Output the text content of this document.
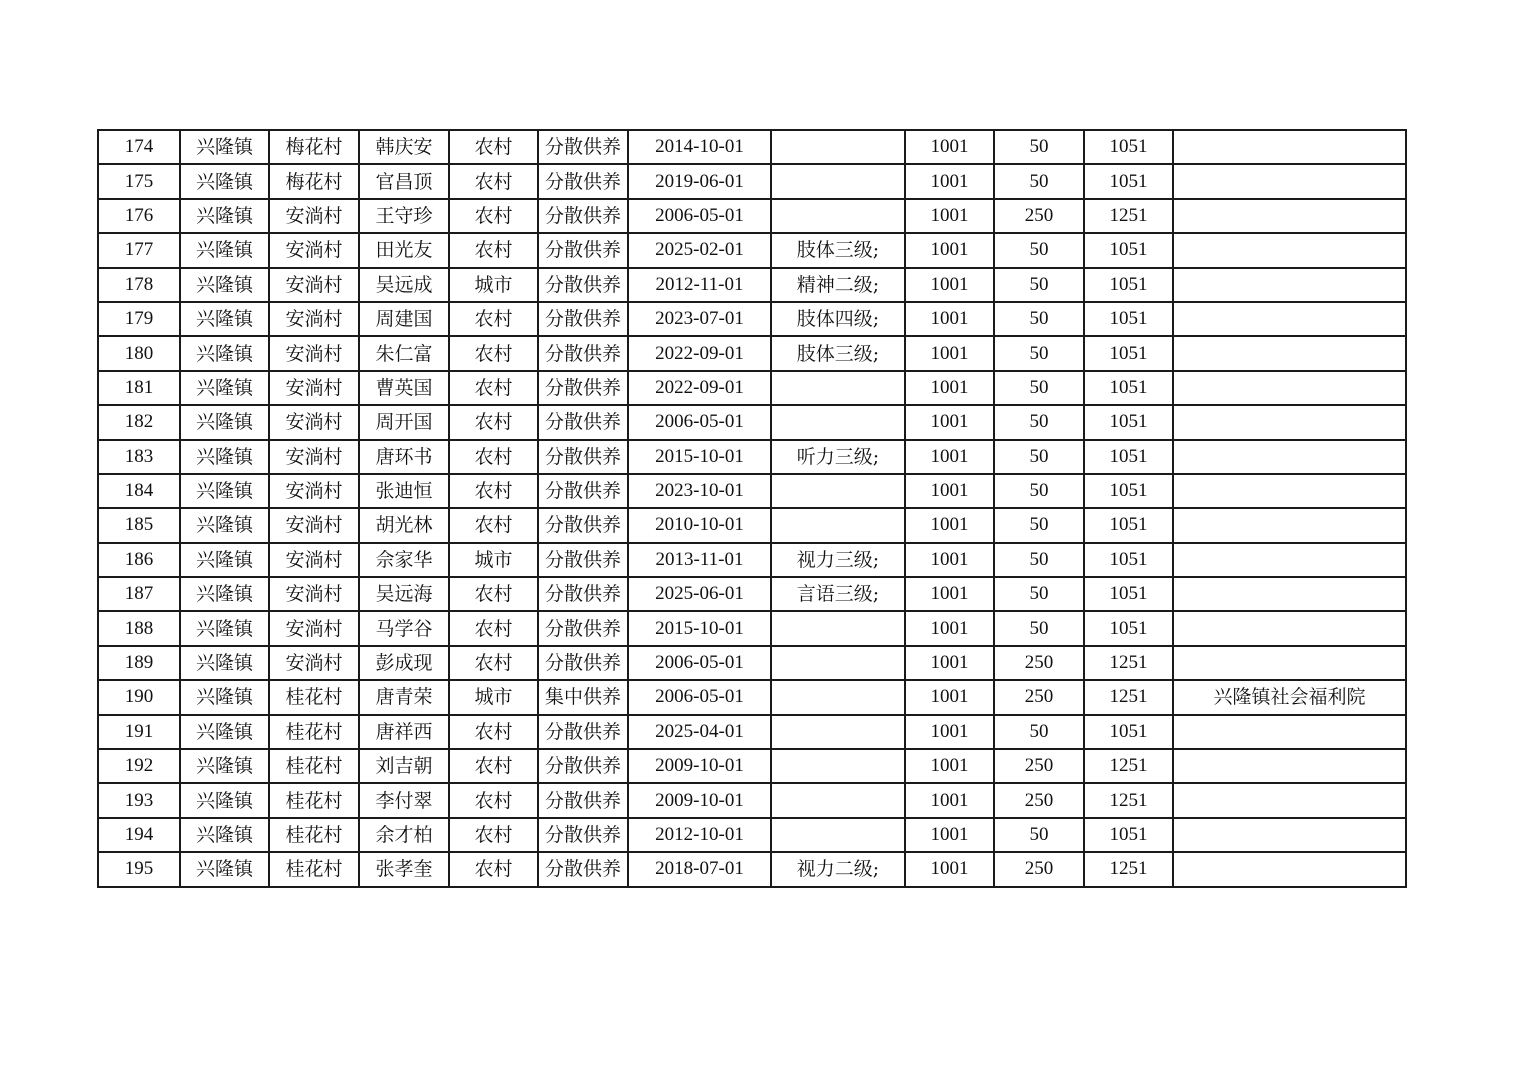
174	兴隆镇	梅花村	韩庆安	农村	分散供养	2014-10-01		1001	50	1051	
175	兴隆镇	梅花村	官昌顶	农村	分散供养	2019-06-01		1001	50	1051	
176	兴隆镇	安淌村	王守珍	农村	分散供养	2006-05-01		1001	250	1251	
177	兴隆镇	安淌村	田光友	农村	分散供养	2025-02-01	肢体三级;	1001	50	1051	
178	兴隆镇	安淌村	吴远成	城市	分散供养	2012-11-01	精神二级;	1001	50	1051	
179	兴隆镇	安淌村	周建国	农村	分散供养	2023-07-01	肢体四级;	1001	50	1051	
180	兴隆镇	安淌村	朱仁富	农村	分散供养	2022-09-01	肢体三级;	1001	50	1051	
181	兴隆镇	安淌村	曹英国	农村	分散供养	2022-09-01		1001	50	1051	
182	兴隆镇	安淌村	周开国	农村	分散供养	2006-05-01		1001	50	1051	
183	兴隆镇	安淌村	唐环书	农村	分散供养	2015-10-01	听力三级;	1001	50	1051	
184	兴隆镇	安淌村	张迪恒	农村	分散供养	2023-10-01		1001	50	1051	
185	兴隆镇	安淌村	胡光林	农村	分散供养	2010-10-01		1001	50	1051	
186	兴隆镇	安淌村	佘家华	城市	分散供养	2013-11-01	视力三级;	1001	50	1051	
187	兴隆镇	安淌村	吴远海	农村	分散供养	2025-06-01	言语三级;	1001	50	1051	
188	兴隆镇	安淌村	马学谷	农村	分散供养	2015-10-01		1001	50	1051	
189	兴隆镇	安淌村	彭成现	农村	分散供养	2006-05-01		1001	250	1251	
190	兴隆镇	桂花村	唐青荣	城市	集中供养	2006-05-01		1001	250	1251	兴隆镇社会福利院
191	兴隆镇	桂花村	唐祥西	农村	分散供养	2025-04-01		1001	50	1051	
192	兴隆镇	桂花村	刘吉朝	农村	分散供养	2009-10-01		1001	250	1251	
193	兴隆镇	桂花村	李付翠	农村	分散供养	2009-10-01		1001	250	1251	
194	兴隆镇	桂花村	余才柏	农村	分散供养	2012-10-01		1001	50	1051	
195	兴隆镇	桂花村	张孝奎	农村	分散供养	2018-07-01	视力二级;	1001	250	1251	
